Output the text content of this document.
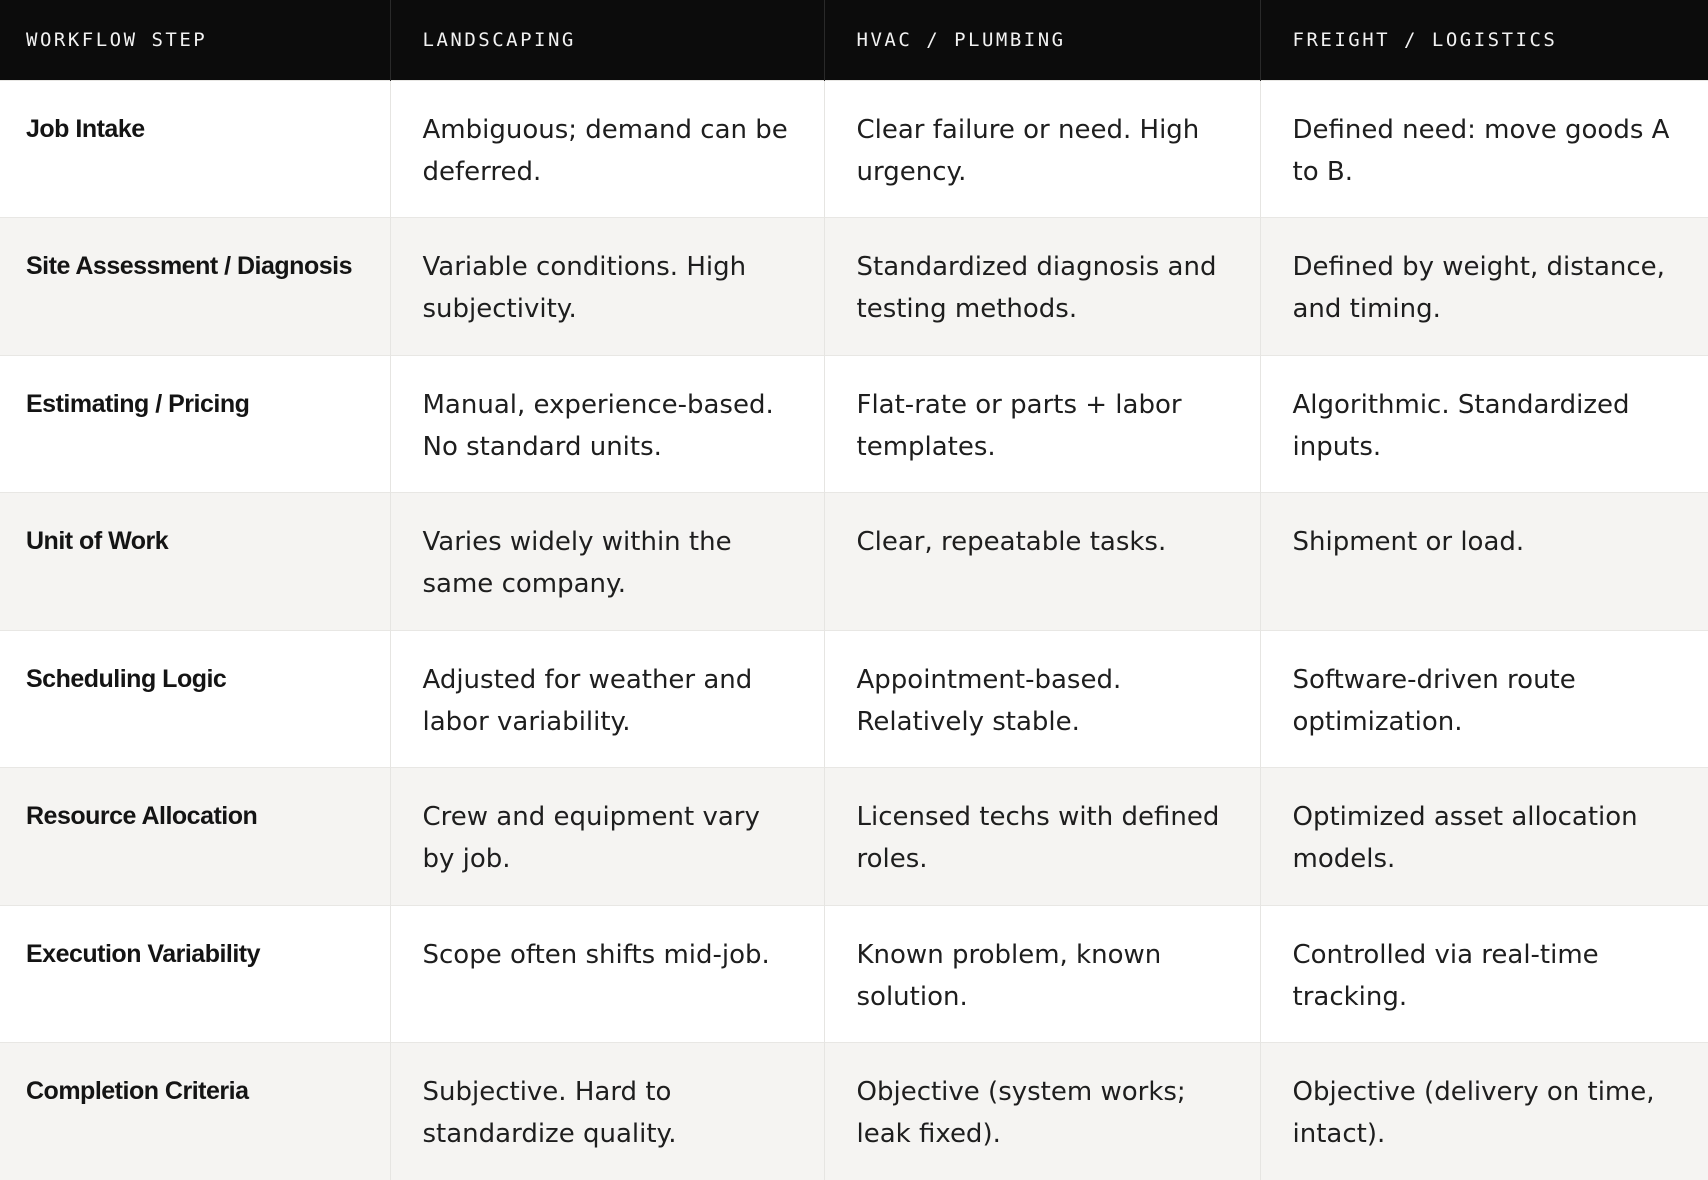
WORKFLOW STEP	LANDSCAPING	HVAC / PLUMBING	FREIGHT / LOGISTICS
Job Intake	Ambiguous; demand can be deferred.	Clear failure or need. High urgency.	Defined need: move goods A to B.
Site Assessment / Diagnosis	Variable conditions. High subjectivity.	Standardized diagnosis and testing methods.	Defined by weight, distance, and timing.
Estimating / Pricing	Manual, experience-based. No standard units.	Flat-rate or parts + labor templates.	Algorithmic. Standardized inputs.
Unit of Work	Varies widely within the same company.	Clear, repeatable tasks.	Shipment or load.
Scheduling Logic	Adjusted for weather and labor variability.	Appointment-based. Relatively stable.	Software-driven route optimization.
Resource Allocation	Crew and equipment vary by job.	Licensed techs with defined roles.	Optimized asset allocation models.
Execution Variability	Scope often shifts mid-job.	Known problem, known solution.	Controlled via real-time tracking.
Completion Criteria	Subjective. Hard to standardize quality.	Objective (system works; leak fixed).	Objective (delivery on time, intact).
